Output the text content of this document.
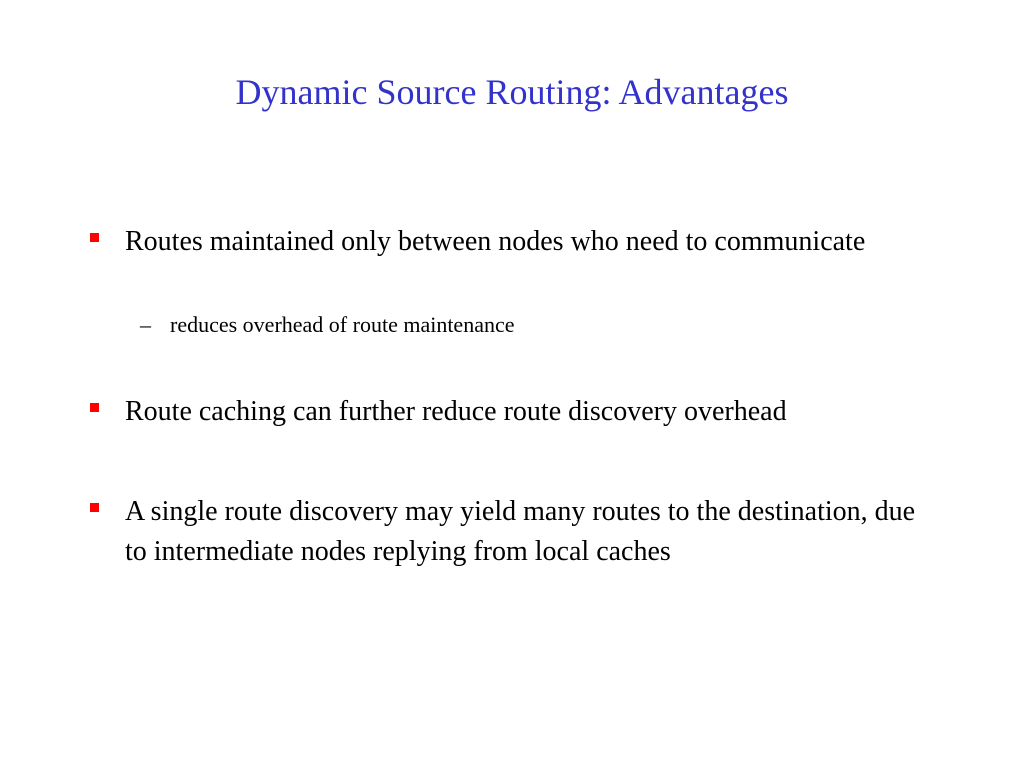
Dynamic Source Routing: Advantages
Routes maintained only between nodes who need to communicate
– reduces overhead of route maintenance
Route caching can further reduce route discovery overhead
A single route discovery may yield many routes to the destination, due to intermediate nodes replying from local caches
